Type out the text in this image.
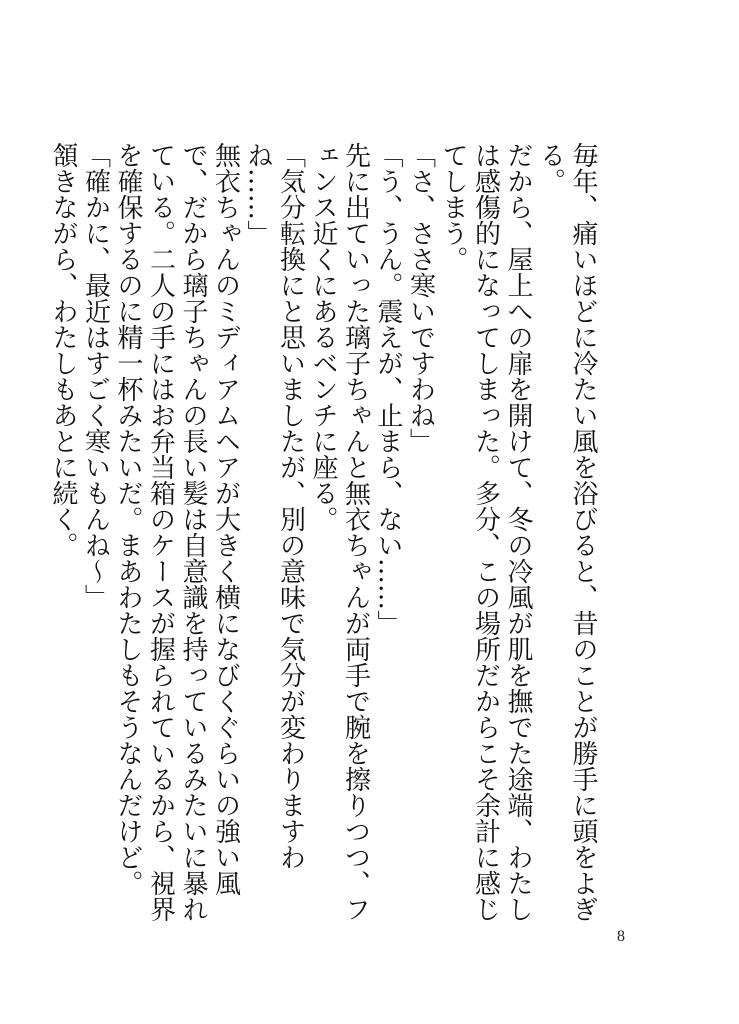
毎年、痛いほどに冷たい風を浴びると、昔のことが勝手に頭をよぎる。

だから、屋上への扉を開けて、冬の冷風が肌を撫でた途端、わたしは感傷的になってしまった。多分、この場所だからこそ余計に感じてしまう。

「さ、ささ寒いですわね」

「う、うん。震えが、止まら、ない……」

先に出ていった璃子ちゃんと無衣ちゃんが両手で腕を擦りつつ、フェンス近くにあるベンチに座る。

「気分転換にと思いましたが、別の意味で気分が変わりますわね……」

無衣ちゃんのミディアムヘアが大きく横になびくぐらいの強い風で、だから璃子ちゃんの長い髪は自意識を持っているみたいに暴れている。二人の手にはお弁当箱のケースが握られているから、視界を確保するのに精一杯みたいだ。まあわたしもそうなんだけど。

「確かに、最近はすごく寒いもんね〜」

頷きながら、わたしもあとに続く。

8
